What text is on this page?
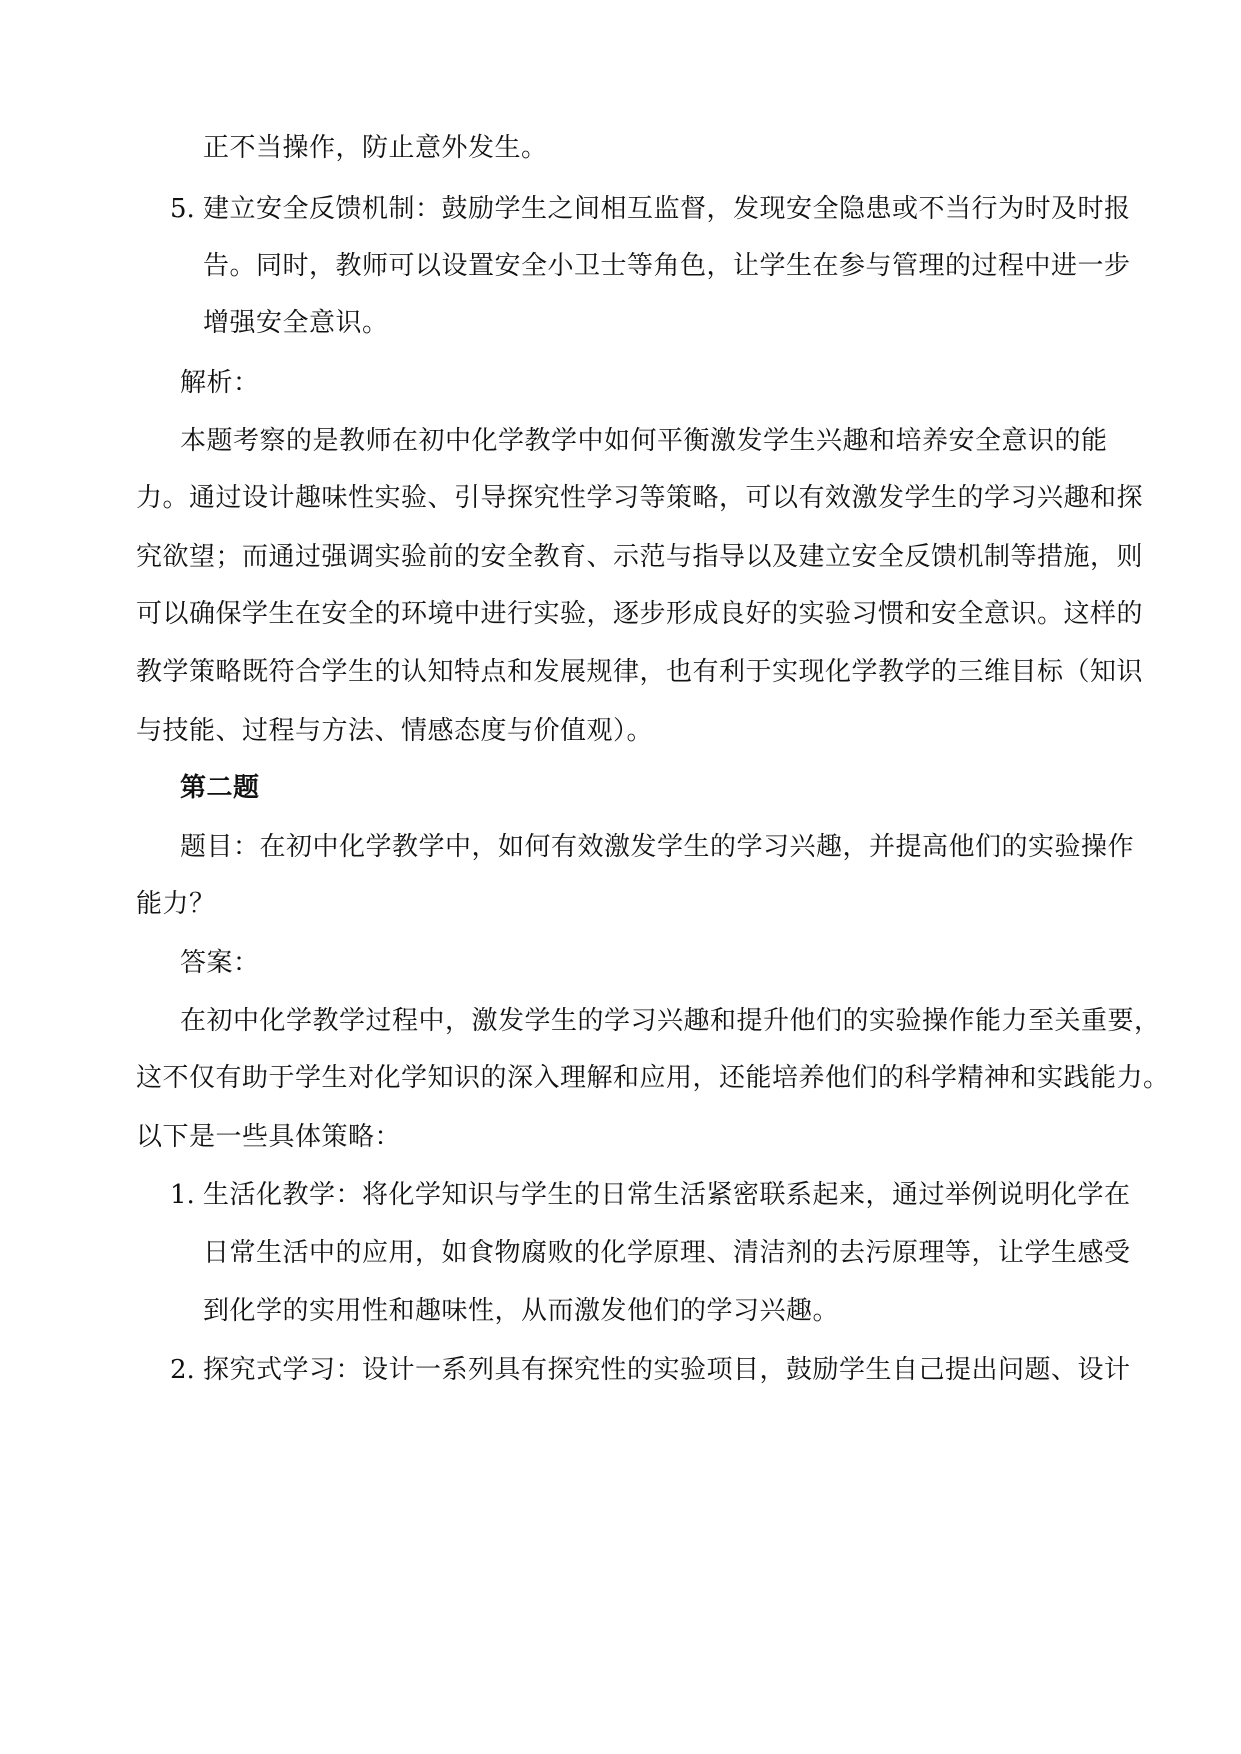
正不当操作，防止意外发生。
5. 建立安全反馈机制：鼓励学生之间相互监督，发现安全隐患或不当行为时及时报
告。同时，教师可以设置安全小卫士等角色，让学生在参与管理的过程中进一步
增强安全意识。
解析：
本题考察的是教师在初中化学教学中如何平衡激发学生兴趣和培养安全意识的能
力。通过设计趣味性实验、引导探究性学习等策略，可以有效激发学生的学习兴趣和探
究欲望；而通过强调实验前的安全教育、示范与指导以及建立安全反馈机制等措施，则
可以确保学生在安全的环境中进行实验，逐步形成良好的实验习惯和安全意识。这样的
教学策略既符合学生的认知特点和发展规律，也有利于实现化学教学的三维目标（知识
与技能、过程与方法、情感态度与价值观）。
第二题
题目：在初中化学教学中，如何有效激发学生的学习兴趣，并提高他们的实验操作
能力？
答案：
在初中化学教学过程中，激发学生的学习兴趣和提升他们的实验操作能力至关重要，
这不仅有助于学生对化学知识的深入理解和应用，还能培养他们的科学精神和实践能力。
以下是一些具体策略：
1. 生活化教学：将化学知识与学生的日常生活紧密联系起来，通过举例说明化学在
日常生活中的应用，如食物腐败的化学原理、清洁剂的去污原理等，让学生感受
到化学的实用性和趣味性，从而激发他们的学习兴趣。
2. 探究式学习：设计一系列具有探究性的实验项目，鼓励学生自己提出问题、设计
